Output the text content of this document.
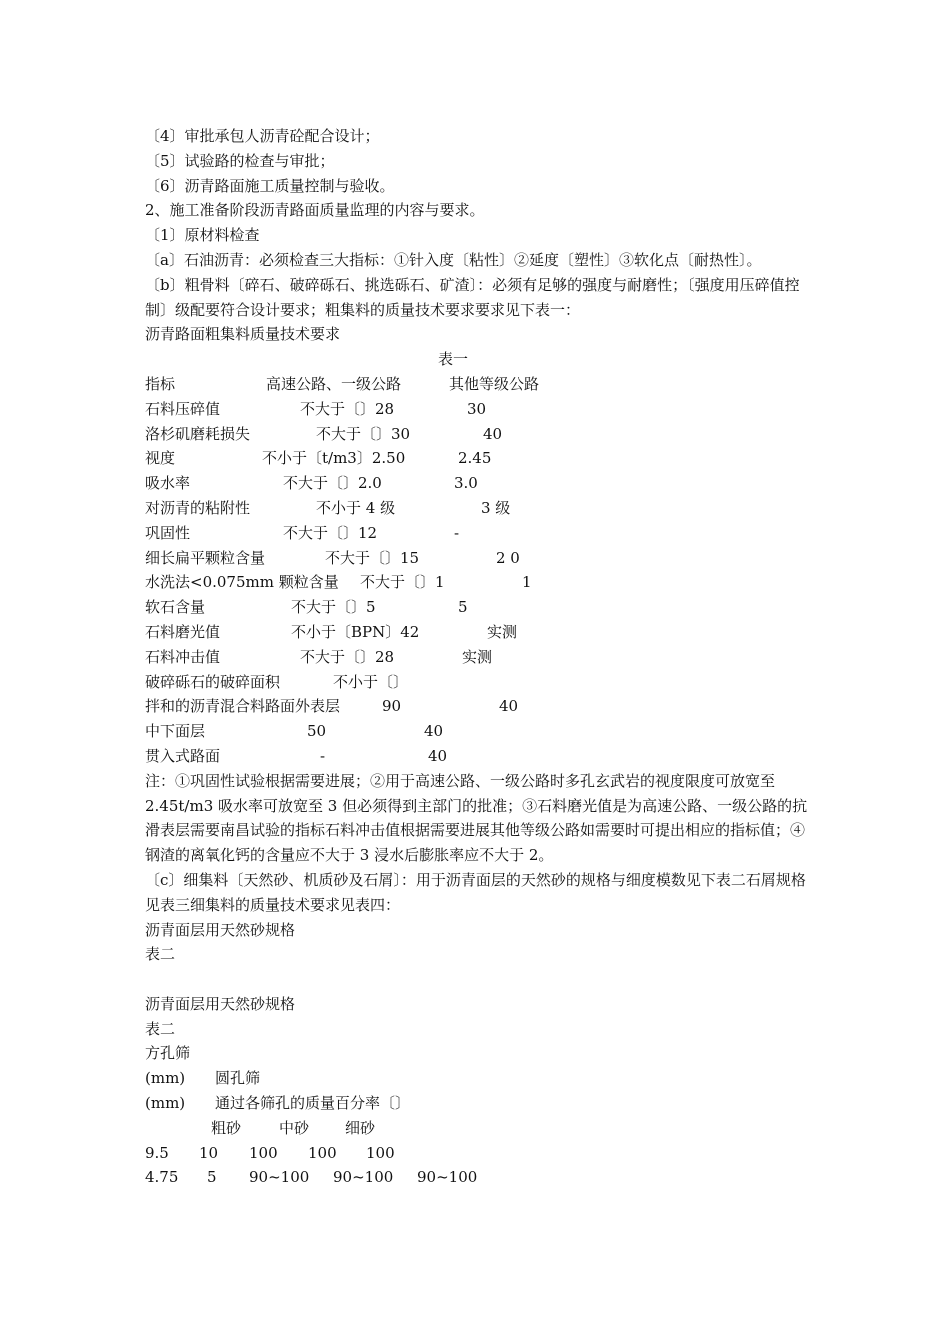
〔4〕审批承包人沥青砼配合设计；
〔5〕试验路的检查与审批；
〔6〕沥青路面施工质量控制与验收。
2、施工准备阶段沥青路面质量监理的内容与要求。
〔1〕原材料检查
〔a〕石油沥青：必须检查三大指标：①针入度〔粘性〕②延度〔塑性〕③软化点〔耐热性〕。
〔b〕粗骨料〔碎石、破碎砾石、挑选砾石、矿渣〕：必须有足够的强度与耐磨性；〔强度用压碎值控制〕级配要符合设计要求；粗集料的质量技术要求要求见下表一：
沥青路面粗集料质量技术要求
表一
指标	高速公路、一级公路	其他等级公路
石料压碎值	不大于〔〕28	30
洛杉矶磨耗损失	不大于〔〕30	40
视度	不小于〔t/m3〕2.50	2.45
吸水率	不大于〔〕2.0	3.0
对沥青的粘附性	不小于 4 级	3 级
巩固性	不大于〔〕12	-
细长扁平颗粒含量	不大于〔〕15	2 0
水洗法<0.075mm 颗粒含量 不大于〔〕1	1
软石含量	不大于〔〕5	5
石料磨光值	不小于〔BPN〕42	实测
石料冲击值	不大于〔〕28	实测
破碎砾石的破碎面积	不小于〔〕
拌和的沥青混合料路面外表层	90	40
中下面层	50	40
贯入式路面	-	40
注：①巩固性试验根据需要进展；②用于高速公路、一级公路时多孔玄武岩的视度限度可放宽至 2.45t/m3 吸水率可放宽至 3 但必须得到主部门的批准；③石料磨光值是为高速公路、一级公路的抗滑表层需要南昌试验的指标石料冲击值根据需要进展其他等级公路如需要时可提出相应的指标值；④钢渣的离氧化钙的含量应不大于 3 浸水后膨胀率应不大于 2。
〔c〕细集料〔天然砂、机质砂及石屑〕：用于沥青面层的天然砂的规格与细度模数见下表二石屑规格见表三细集料的质量技术要求见表四：
沥青面层用天然砂规格
表二
沥青面层用天然砂规格
表二
方孔筛
(mm) 圆孔筛
(mm) 通过各筛孔的质量百分率〔〕
粗砂	中砂 细砂
9.5 10 100 100 100
4.75 5 90~100 90~100 90~100
